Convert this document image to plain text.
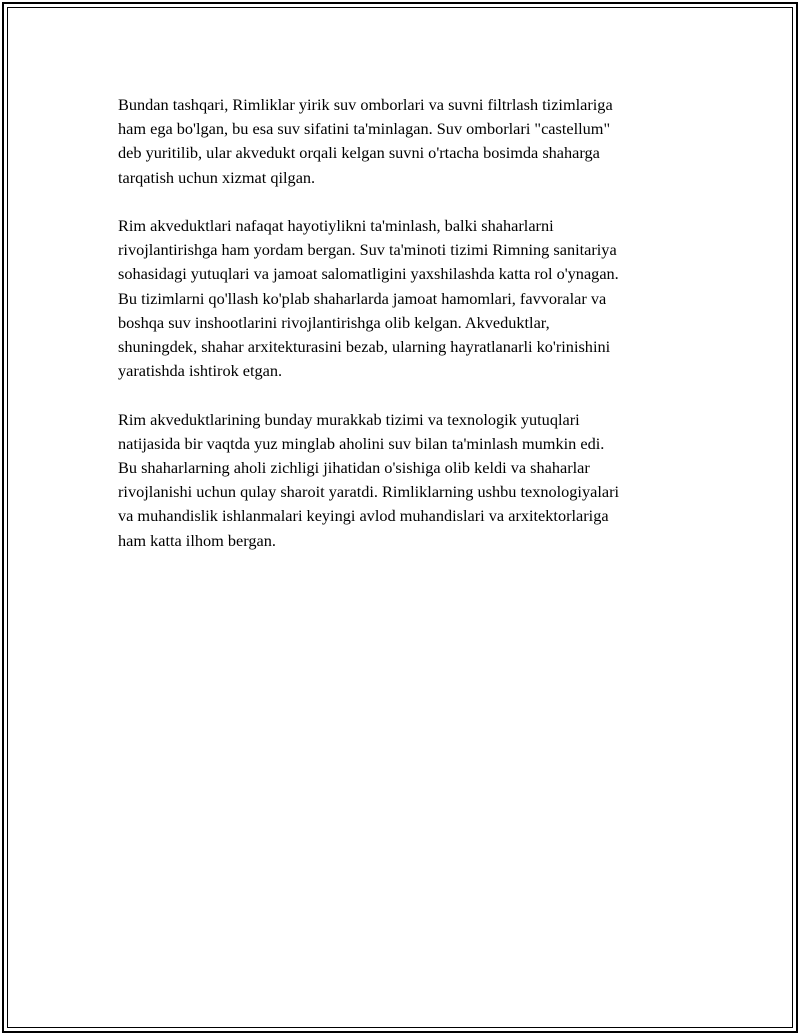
Bundan tashqari, Rimliklar yirik suv omborlari va suvni filtrlash tizimlariga
ham ega bo'lgan, bu esa suv sifatini ta'minlagan. Suv omborlari "castellum"
deb yuritilib, ular akvedukt orqali kelgan suvni o'rtacha bosimda shaharga
tarqatish uchun xizmat qilgan.

Rim akveduktlari nafaqat hayotiylikni ta'minlash, balki shaharlarni
rivojlantirishga ham yordam bergan. Suv ta'minoti tizimi Rimning sanitariya
sohasidagi yutuqlari va jamoat salomatligini yaxshilashda katta rol o'ynagan.
Bu tizimlarni qo'llash ko'plab shaharlarda jamoat hamomlari, favvoralar va
boshqa suv inshootlarini rivojlantirishga olib kelgan. Akveduktlar,
shuningdek, shahar arxitekturasini bezab, ularning hayratlanarli ko'rinishini
yaratishda ishtirok etgan.

Rim akveduktlarining bunday murakkab tizimi va texnologik yutuqlari
natijasida bir vaqtda yuz minglab aholini suv bilan ta'minlash mumkin edi.
Bu shaharlarning aholi zichligi jihatidan o'sishiga olib keldi va shaharlar
rivojlanishi uchun qulay sharoit yaratdi. Rimliklarning ushbu texnologiyalari
va muhandislik ishlanmalari keyingi avlod muhandislari va arxitektorlariga
ham katta ilhom bergan.
